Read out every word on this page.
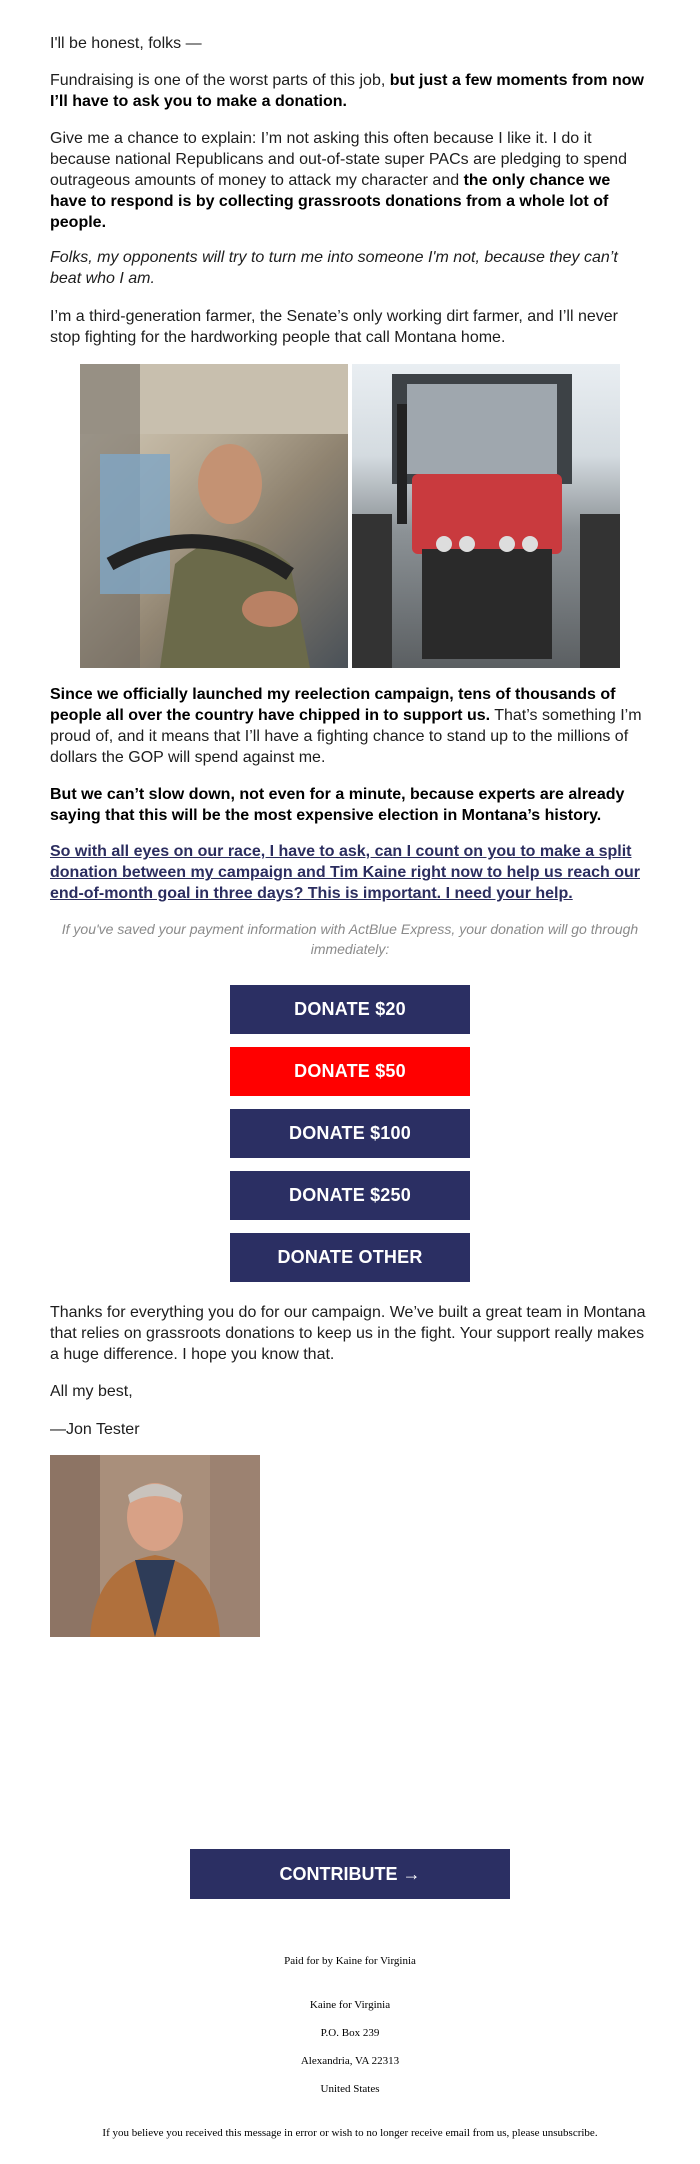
I'll be honest, folks —

Fundraising is one of the worst parts of this job, but just a few moments from now I’ll have to ask you to make a donation.

Give me a chance to explain: I’m not asking this often because I like it. I do it because national Republicans and out-of-state super PACs are pledging to spend outrageous amounts of money to attack my character and the only chance we have to respond is by collecting grassroots donations from a whole lot of people.

Folks, my opponents will try to turn me into someone I'm not, because they can’t beat who I am.

I’m a third-generation farmer, the Senate’s only working dirt farmer, and I’ll never stop fighting for the hardworking people that call Montana home.

Since we officially launched my reelection campaign, tens of thousands of people all over the country have chipped in to support us. That’s something I’m proud of, and it means that I’ll have a fighting chance to stand up to the millions of dollars the GOP will spend against me.

But we can’t slow down, not even for a minute, because experts are already saying that this will be the most expensive election in Montana’s history.

So with all eyes on our race, I have to ask, can I count on you to make a split donation between my campaign and Tim Kaine right now to help us reach our end-of-month goal in three days? This is important. I need your help.

If you've saved your payment information with ActBlue Express, your donation will go through immediately:

DONATE $20
DONATE $50
DONATE $100
DONATE $250
DONATE OTHER

Thanks for everything you do for our campaign. We’ve built a great team in Montana that relies on grassroots donations to keep us in the fight. Your support really makes a huge difference. I hope you know that.

All my best,

—Jon Tester

CONTRIBUTE →
Paid for by Kaine for Virginia
Kaine for Virginia
P.O. Box 239
Alexandria, VA 22313
United States
If you believe you received this message in error or wish to no longer receive email from us, please unsubscribe.
